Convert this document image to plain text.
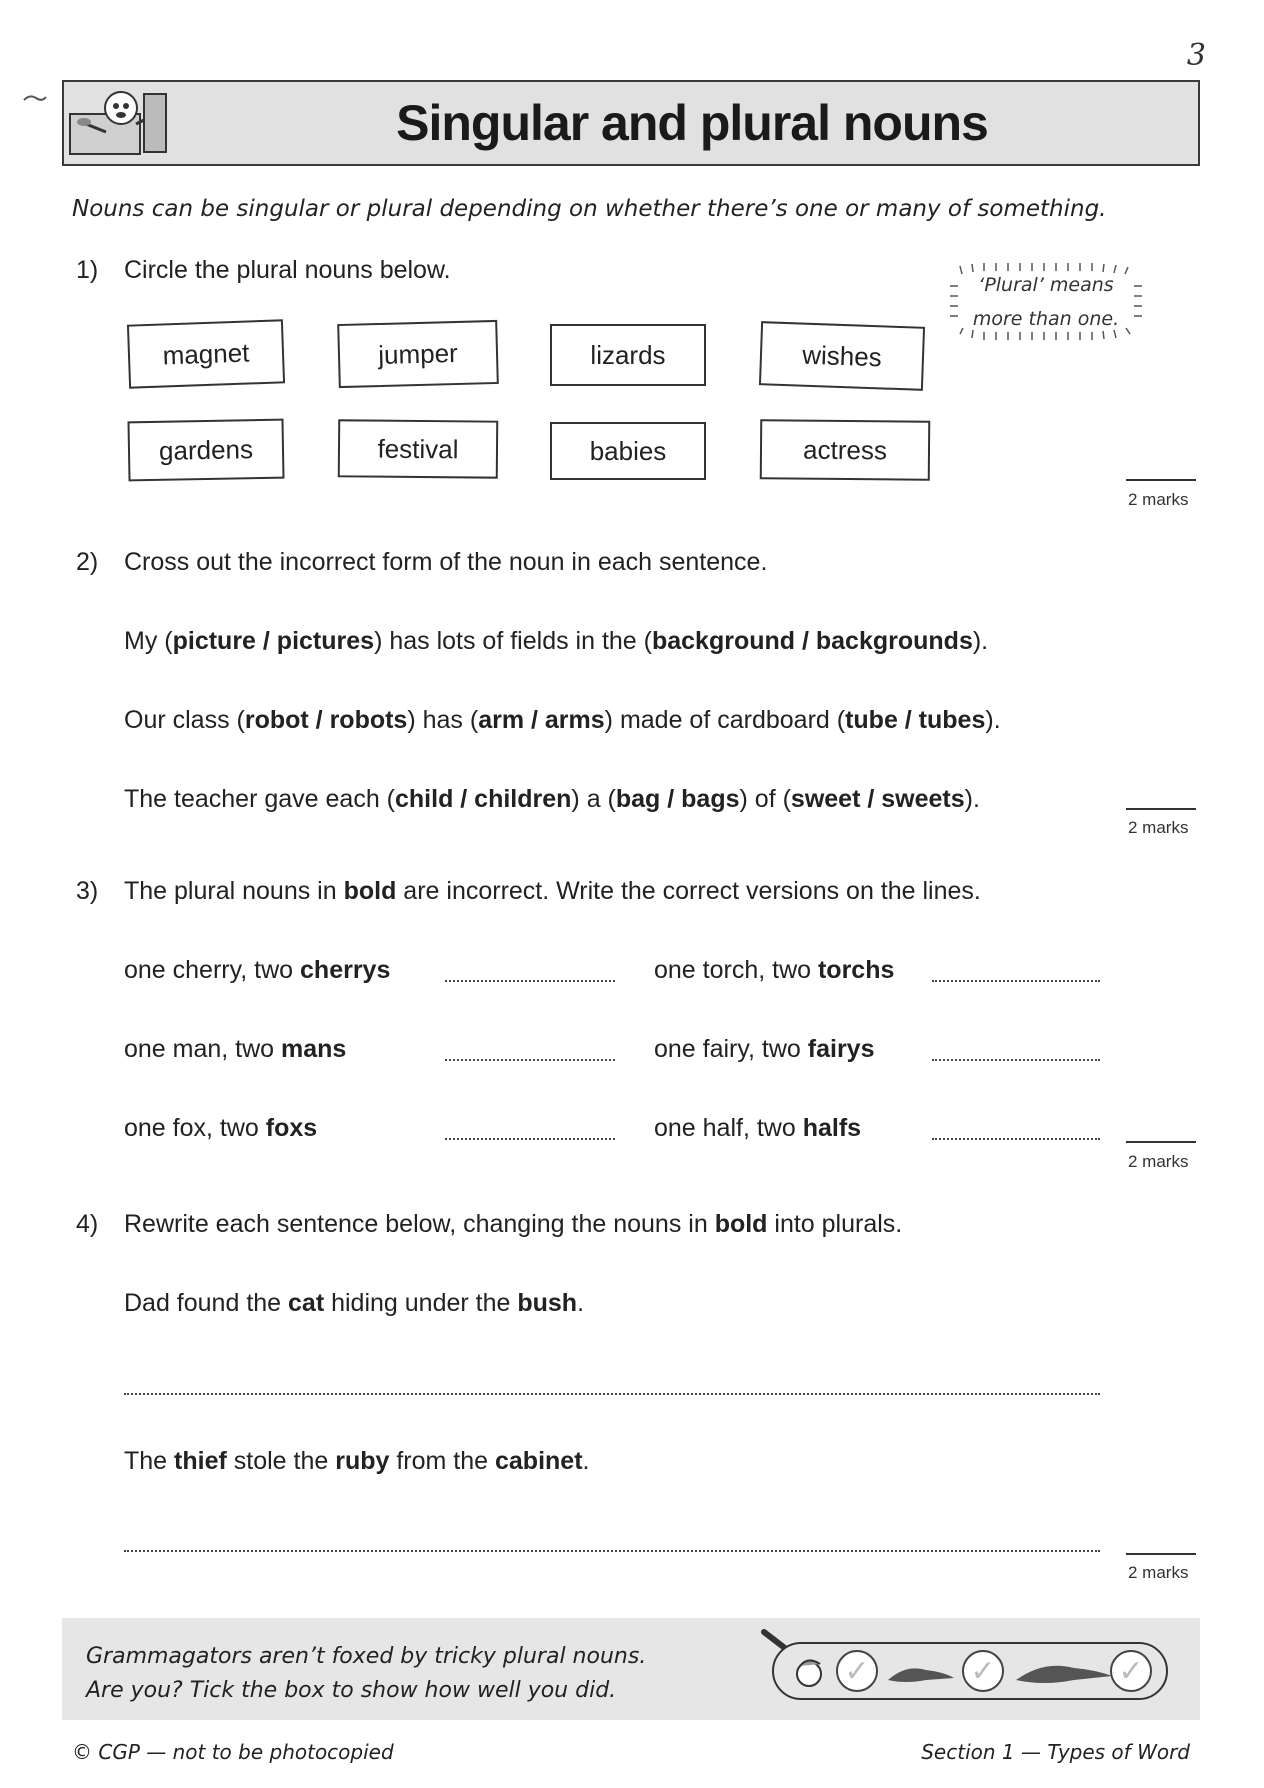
3
Singular and plural nouns
Nouns can be singular or plural depending on whether there’s one or many of something.
1) Circle the plural nouns below.
‘Plural’ means
more than one.
magnet	jumper	lizards	wishes
gardens	festival	babies	actress
2 marks
2) Cross out the incorrect form of the noun in each sentence.
My (picture / pictures) has lots of fields in the (background / backgrounds).
Our class (robot / robots) has (arm / arms) made of cardboard (tube / tubes).
The teacher gave each (child / children) a (bag / bags) of (sweet / sweets).
2 marks
3) The plural nouns in bold are incorrect. Write the correct versions on the lines.
one cherry, two cherrys	one torch, two torchs
one man, two mans	one fairy, two fairys
one fox, two foxs	one half, two halfs
2 marks
4) Rewrite each sentence below, changing the nouns in bold into plurals.
Dad found the cat hiding under the bush.
The thief stole the ruby from the cabinet.
2 marks
Grammagators aren’t foxed by tricky plural nouns.
Are you? Tick the box to show how well you did.
✓	✓	✓
© CGP — not to be photocopied	Section 1 — Types of Word
